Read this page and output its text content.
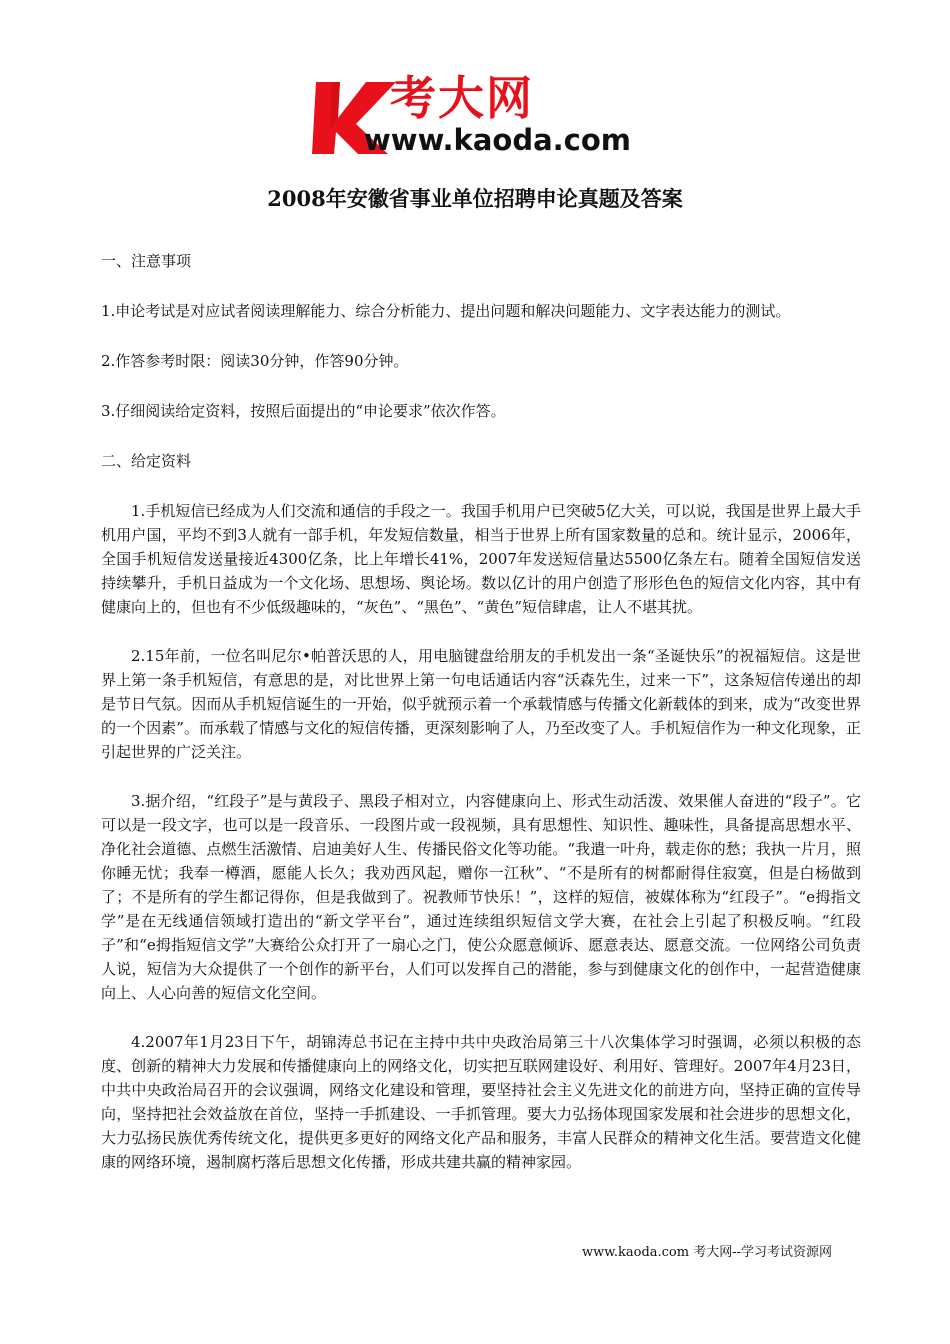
考大网
www.kaoda.com
2008年安徽省事业单位招聘申论真题及答案

一、注意事项

1.申论考试是对应试者阅读理解能力、综合分析能力、提出问题和解决问题能力、文字表达能力的测试。

2.作答参考时限：阅读30分钟，作答90分钟。

3.仔细阅读给定资料，按照后面提出的“申论要求”依次作答。

二、给定资料

1.手机短信已经成为人们交流和通信的手段之一。我国手机用户已突破5亿大关，可以说，我国是世界上最大手机用户国，平均不到3人就有一部手机，年发短信数量，相当于世界上所有国家数量的总和。统计显示，2006年，全国手机短信发送量接近4300亿条，比上年增长41%，2007年发送短信量达5500亿条左右。随着全国短信发送持续攀升，手机日益成为一个文化场、思想场、舆论场。数以亿计的用户创造了形形色色的短信文化内容，其中有健康向上的，但也有不少低级趣味的，“灰色”、“黑色”、“黄色”短信肆虐，让人不堪其扰。

2.15年前，一位名叫尼尔•帕普沃思的人，用电脑键盘给朋友的手机发出一条“圣诞快乐”的祝福短信。这是世界上第一条手机短信，有意思的是，对比世界上第一句电话通话内容“沃森先生，过来一下”，这条短信传递出的却是节日气氛。因而从手机短信诞生的一开始，似乎就预示着一个承载情感与传播文化新载体的到来，成为“改变世界的一个因素”。而承载了情感与文化的短信传播，更深刻影响了人，乃至改变了人。手机短信作为一种文化现象，正引起世界的广泛关注。

3.据介绍，“红段子”是与黄段子、黑段子相对立，内容健康向上、形式生动活泼、效果催人奋进的“段子”。它可以是一段文字，也可以是一段音乐、一段图片或一段视频，具有思想性、知识性、趣味性，具备提高思想水平、净化社会道德、点燃生活激情、启迪美好人生、传播民俗文化等功能。“我遣一叶舟，载走你的愁；我执一片月，照你睡无忧；我奉一樽酒，愿能人长久；我劝西风起，赠你一江秋”、“不是所有的树都耐得住寂寞，但是白杨做到了；不是所有的学生都记得你，但是我做到了。祝教师节快乐！”，这样的短信，被媒体称为“红段子”。“e拇指文学”是在无线通信领域打造出的“新文学平台”，通过连续组织短信文学大赛，在社会上引起了积极反响。“红段子”和“e拇指短信文学”大赛给公众打开了一扇心之门，使公众愿意倾诉、愿意表达、愿意交流。一位网络公司负责人说，短信为大众提供了一个创作的新平台，人们可以发挥自己的潜能，参与到健康文化的创作中，一起营造健康向上、人心向善的短信文化空间。

4.2007年1月23日下午，胡锦涛总书记在主持中共中央政治局第三十八次集体学习时强调，必须以积极的态度、创新的精神大力发展和传播健康向上的网络文化，切实把互联网建设好、利用好、管理好。2007年4月23日，中共中央政治局召开的会议强调，网络文化建设和管理，要坚持社会主义先进文化的前进方向，坚持正确的宣传导向，坚持把社会效益放在首位，坚持一手抓建设、一手抓管理。要大力弘扬体现国家发展和社会进步的思想文化，大力弘扬民族优秀传统文化，提供更多更好的网络文化产品和服务，丰富人民群众的精神文化生活。要营造文化健康的网络环境，遏制腐朽落后思想文化传播，形成共建共赢的精神家园。

www.kaoda.com 考大网--学习考试资源网
